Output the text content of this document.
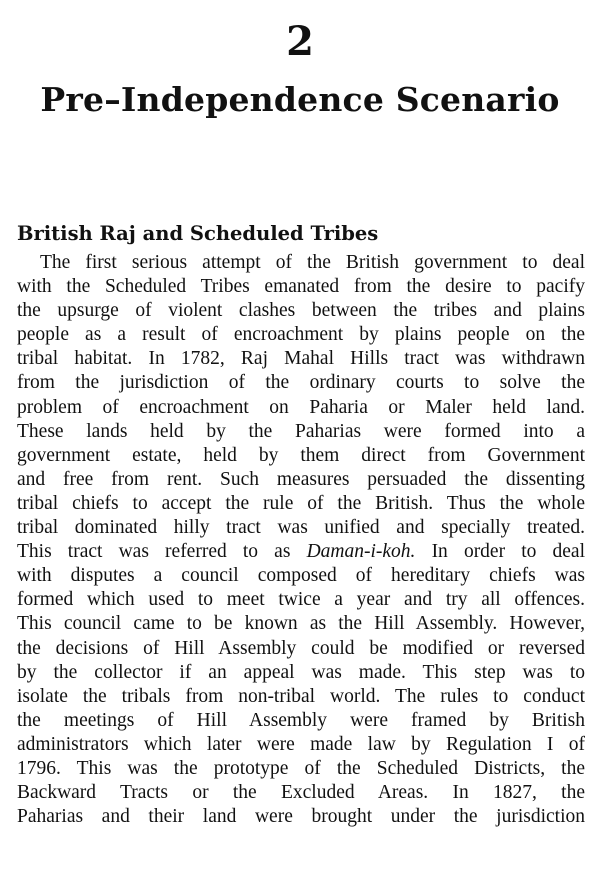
2
Pre–Independence Scenario
British Raj and Scheduled Tribes
The first serious attempt of the British government to deal
with the Scheduled Tribes emanated from the desire to pacify
the upsurge of violent clashes between the tribes and plains
people as a result of encroachment by plains people on the
tribal habitat. In 1782, Raj Mahal Hills tract was withdrawn
from the jurisdiction of the ordinary courts to solve the
problem of encroachment on Paharia or Maler held land.
These lands held by the Paharias were formed into a
government estate, held by them direct from Government
and free from rent. Such measures persuaded the dissenting
tribal chiefs to accept the rule of the British. Thus the whole
tribal dominated hilly tract was unified and specially treated.
This tract was referred to as Daman-i-koh. In order to deal
with disputes a council composed of hereditary chiefs was
formed which used to meet twice a year and try all offences.
This council came to be known as the Hill Assembly. However,
the decisions of Hill Assembly could be modified or reversed
by the collector if an appeal was made. This step was to
isolate the tribals from non-tribal world. The rules to conduct
the meetings of Hill Assembly were framed by British
administrators which later were made law by Regulation I of
1796. This was the prototype of the Scheduled Districts, the
Backward Tracts or the Excluded Areas. In 1827, the
Paharias and their land were brought under the jurisdiction
